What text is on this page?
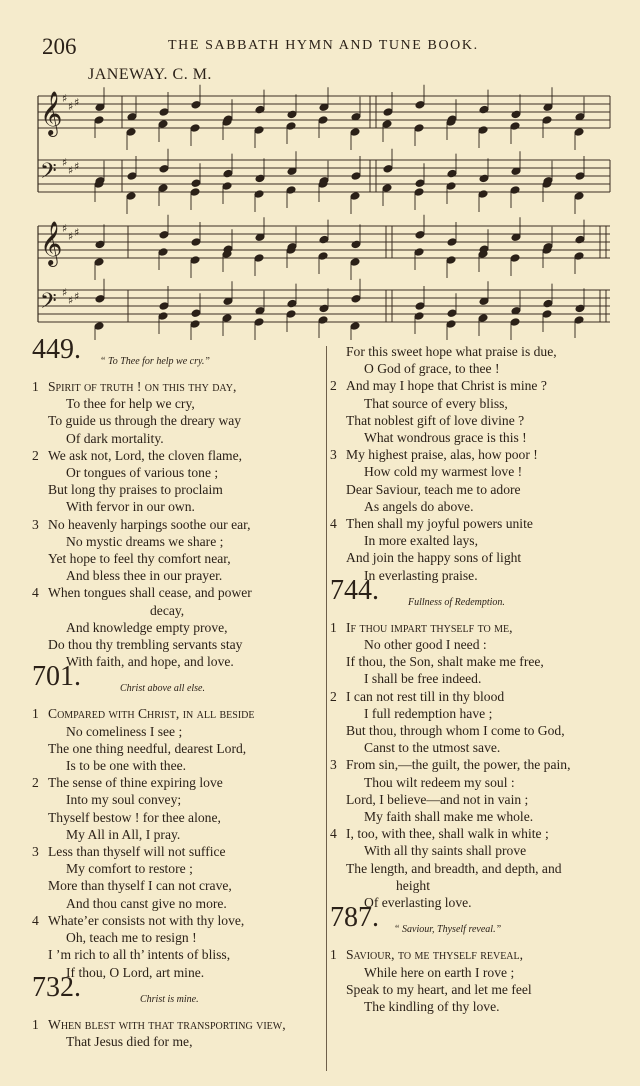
206	THE SABBATH HYMN AND TUNE BOOK.
JANEWAY. C. M.
𝄞 ♯
♯ ♯
𝄢 ♯
♯ ♯
𝄞 ♯
♯ ♯
𝄢 ♯
♯ ♯
449. “ To Thee for help we cry.”
1 Spirit of truth ! on this thy day,
To thee for help we cry,
To guide us through the dreary way
Of dark mortality.
2 We ask not, Lord, the cloven flame,
Or tongues of various tone ;
But long thy praises to proclaim
With fervor in our own.
3 No heavenly harpings soothe our ear,
No mystic dreams we share ;
Yet hope to feel thy comfort near,
And bless thee in our prayer.
4 When tongues shall cease, and power
decay,
And knowledge empty prove,
Do thou thy trembling servants stay
With faith, and hope, and love.
701.	Christ above all else.
1 Compared with Christ, in all beside
No comeliness I see ;
The one thing needful, dearest Lord,
Is to be one with thee.
2 The sense of thine expiring love
Into my soul convey;
Thyself bestow ! for thee alone,
My All in All, I pray.
3 Less than thyself will not suffice
My comfort to restore ;
More than thyself I can not crave,
And thou canst give no more.
4 Whate’er consists not with thy love,
Oh, teach me to resign !
I ’m rich to all th’ intents of bliss,
If thou, O Lord, art mine.
732.	Christ is mine.
1 When blest with that transporting view,
That Jesus died for me,
For this sweet hope what praise is due,
O God of grace, to thee !
2 And may I hope that Christ is mine ?
That source of every bliss,
That noblest gift of love divine ?
What wondrous grace is this !
3 My highest praise, alas, how poor !
How cold my warmest love !
Dear Saviour, teach me to adore
As angels do above.
4 Then shall my joyful powers unite
In more exalted lays,
And join the happy sons of light
In everlasting praise.
744.	Fullness of Redemption.
1 If thou impart thyself to me,
No other good I need :
If thou, the Son, shalt make me free,
I shall be free indeed.
2 I can not rest till in thy blood
I full redemption have ;
But thou, through whom I come to God,
Canst to the utmost save.
3 From sin,—the guilt, the power, the pain,
Thou wilt redeem my soul :
Lord, I believe—and not in vain ;
My faith shall make me whole.
4 I, too, with thee, shall walk in white ;
With all thy saints shall prove
The length, and breadth, and depth, and
height
Of everlasting love.
787. “ Saviour, Thyself reveal.”
1 Saviour, to me thyself reveal,
While here on earth I rove ;
Speak to my heart, and let me feel
The kindling of thy love.
